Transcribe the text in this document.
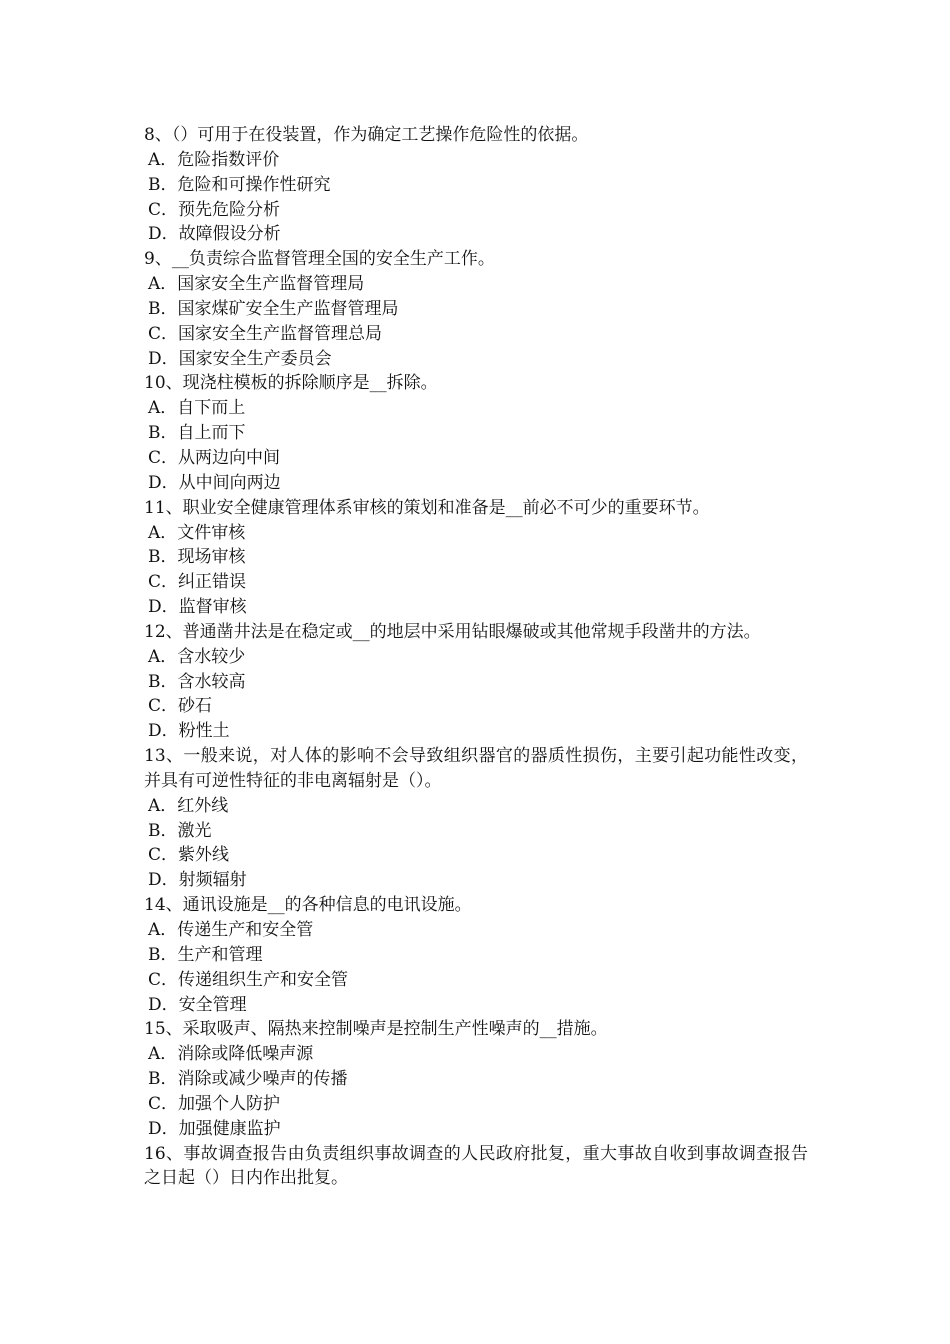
8、（）可用于在役装置，作为确定工艺操作危险性的依据。

A．危险指数评价

B．危险和可操作性研究

C．预先危险分析

D．故障假设分析

9、__负责综合监督管理全国的安全生产工作。

A．国家安全生产监督管理局

B．国家煤矿安全生产监督管理局

C．国家安全生产监督管理总局

D．国家安全生产委员会

10、现浇柱模板的拆除顺序是__拆除。

A．自下而上

B．自上而下

C．从两边向中间

D．从中间向两边

11、职业安全健康管理体系审核的策划和准备是__前必不可少的重要环节。

A．文件审核

B．现场审核

C．纠正错误

D．监督审核

12、普通凿井法是在稳定或__的地层中采用钻眼爆破或其他常规手段凿井的方法。

A．含水较少

B．含水较高

C．砂石

D．粉性土

13、一般来说，对人体的影响不会导致组织器官的器质性损伤，主要引起功能性改变，并具有可逆性特征的非电离辐射是（）。

A．红外线

B．激光

C．紫外线

D．射频辐射

14、通讯设施是__的各种信息的电讯设施。

A．传递生产和安全管

B．生产和管理

C．传递组织生产和安全管

D．安全管理

15、采取吸声、隔热来控制噪声是控制生产性噪声的__措施。

A．消除或降低噪声源

B．消除或减少噪声的传播

C．加强个人防护

D．加强健康监护

16、事故调查报告由负责组织事故调查的人民政府批复，重大事故自收到事故调查报告之日起（）日内作出批复。
